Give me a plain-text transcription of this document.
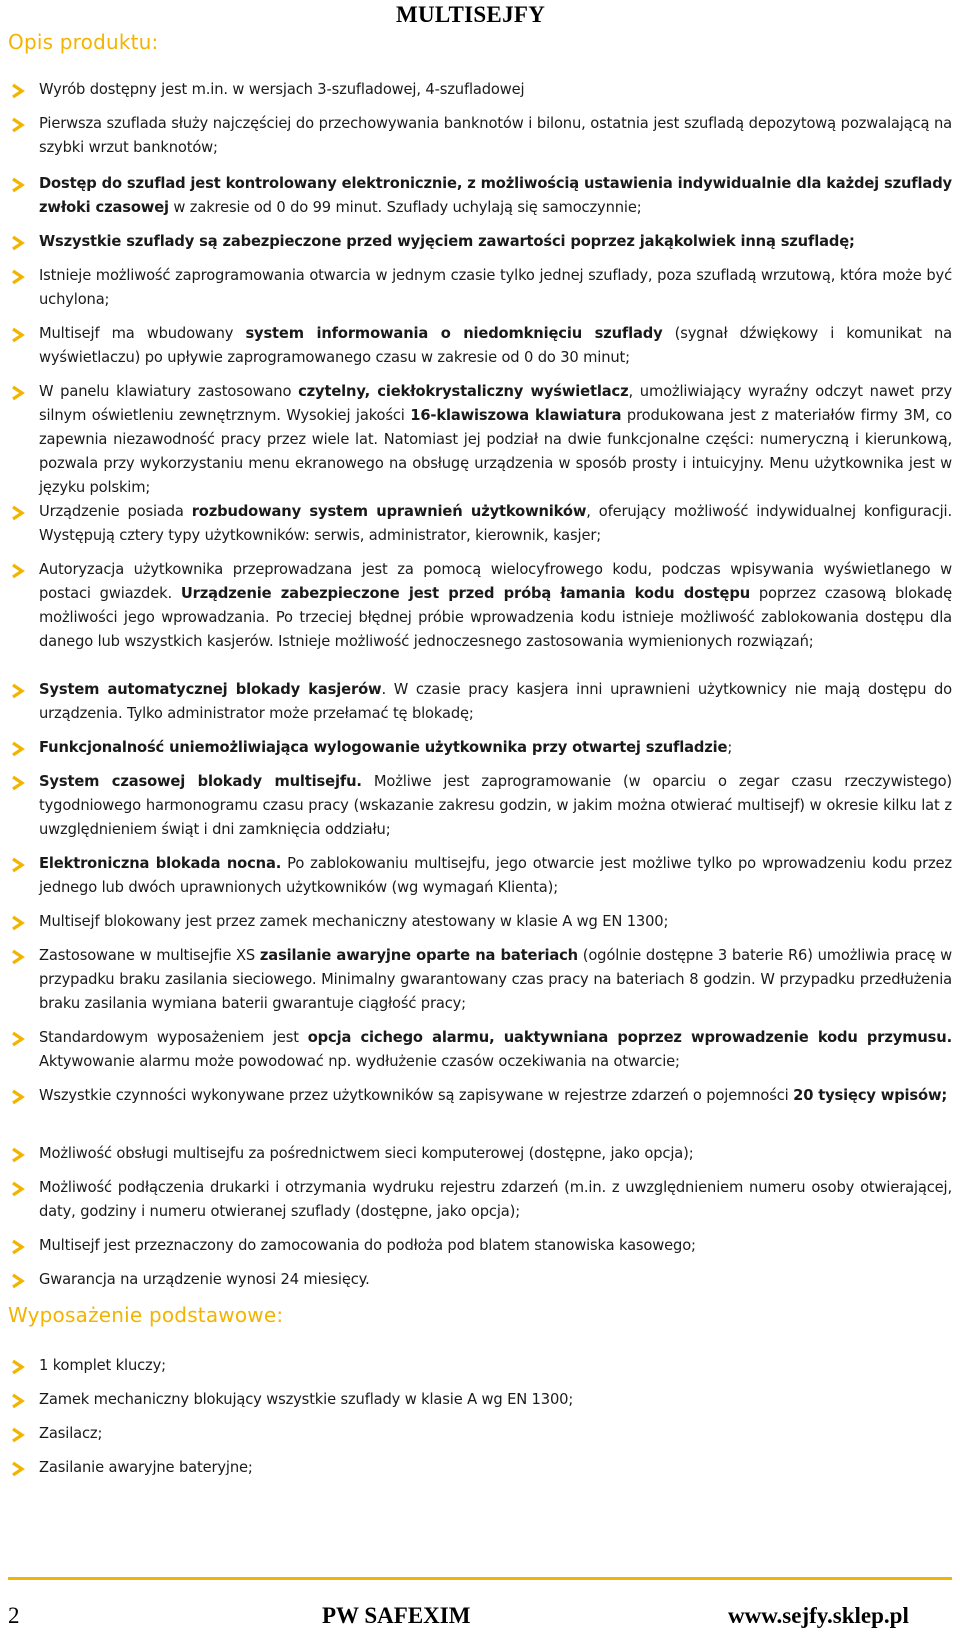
MULTISEJFY
Opis produktu:
Wyrób dostępny jest m.in. w wersjach 3-szufladowej, 4-szufladowej
Pierwsza szuflada służy najczęściej do przechowywania banknotów i bilonu, ostatnia jest szufladą depozytową pozwalającą na szybki wrzut banknotów;
Dostęp do szuflad jest kontrolowany elektronicznie, z możliwością ustawienia indywidualnie dla każdej szuflady zwłoki czasowej w zakresie od 0 do 99 minut. Szuflady uchylają się samoczynnie;
Wszystkie szuflady są zabezpieczone przed wyjęciem zawartości poprzez jakąkolwiek inną szufladę;
Istnieje możliwość zaprogramowania otwarcia w jednym czasie tylko jednej szuflady, poza szufladą wrzutową, która może być uchylona;
Multisejf ma wbudowany system informowania o niedomknięciu szuflady (sygnał dźwiękowy i komunikat na wyświetlaczu) po upływie zaprogramowanego czasu w zakresie od 0 do 30 minut;
W panelu klawiatury zastosowano czytelny, ciekłokrystaliczny wyświetlacz, umożliwiający wyraźny odczyt nawet przy silnym oświetleniu zewnętrznym. Wysokiej jakości 16-klawiszowa klawiatura produkowana jest z materiałów firmy 3M, co zapewnia niezawodność pracy przez wiele lat. Natomiast jej podział na dwie funkcjonalne części: numeryczną i kierunkową, pozwala przy wykorzystaniu menu ekranowego na obsługę urządzenia w sposób prosty i intuicyjny. Menu użytkownika jest w języku polskim;
Urządzenie posiada rozbudowany system uprawnień użytkowników, oferujący możliwość indywidualnej konfiguracji. Występują cztery typy użytkowników: serwis, administrator, kierownik, kasjer;
Autoryzacja użytkownika przeprowadzana jest za pomocą wielocyfrowego kodu, podczas wpisywania wyświetlanego w postaci gwiazdek. Urządzenie zabezpieczone jest przed próbą łamania kodu dostępu poprzez czasową blokadę możliwości jego wprowadzania. Po trzeciej błędnej próbie wprowadzenia kodu istnieje możliwość zablokowania dostępu dla danego lub wszystkich kasjerów. Istnieje możliwość jednoczesnego zastosowania wymienionych rozwiązań;
System automatycznej blokady kasjerów. W czasie pracy kasjera inni uprawnieni użytkownicy nie mają dostępu do urządzenia. Tylko administrator może przełamać tę blokadę;
Funkcjonalność uniemożliwiająca wylogowanie użytkownika przy otwartej szufladzie;
System czasowej blokady multisejfu. Możliwe jest zaprogramowanie (w oparciu o zegar czasu rzeczywistego) tygodniowego harmonogramu czasu pracy (wskazanie zakresu godzin, w jakim można otwierać multisejf) w okresie kilku lat z uwzględnieniem świąt i dni zamknięcia oddziału;
Elektroniczna blokada nocna. Po zablokowaniu multisejfu, jego otwarcie jest możliwe tylko po wprowadzeniu kodu przez jednego lub dwóch uprawnionych użytkowników (wg wymagań Klienta);
Multisejf blokowany jest przez zamek mechaniczny atestowany w klasie A wg EN 1300;
Zastosowane w multisejfie XS zasilanie awaryjne oparte na bateriach (ogólnie dostępne 3 baterie R6) umożliwia pracę w przypadku braku zasilania sieciowego. Minimalny gwarantowany czas pracy na bateriach 8 godzin. W przypadku przedłużenia braku zasilania wymiana baterii gwarantuje ciągłość pracy;
Standardowym wyposażeniem jest opcja cichego alarmu, uaktywniana poprzez wprowadzenie kodu przymusu. Aktywowanie alarmu może powodować np. wydłużenie czasów oczekiwania na otwarcie;
Wszystkie czynności wykonywane przez użytkowników są zapisywane w rejestrze zdarzeń o pojemności 20 tysięcy wpisów;
Możliwość obsługi multisejfu za pośrednictwem sieci komputerowej (dostępne, jako opcja);
Możliwość podłączenia drukarki i otrzymania wydruku rejestru zdarzeń (m.in. z uwzględnieniem numeru osoby otwierającej, daty, godziny i numeru otwieranej szuflady (dostępne, jako opcja);
Multisejf jest przeznaczony do zamocowania do podłoża pod blatem stanowiska kasowego;
Gwarancja na urządzenie wynosi 24 miesięcy.
Wyposażenie podstawowe:
1 komplet kluczy;
Zamek mechaniczny blokujący wszystkie szuflady w klasie A wg EN 1300;
Zasilacz;
Zasilanie awaryjne bateryjne;
2	PW SAFEXIM	www.sejfy.sklep.pl
